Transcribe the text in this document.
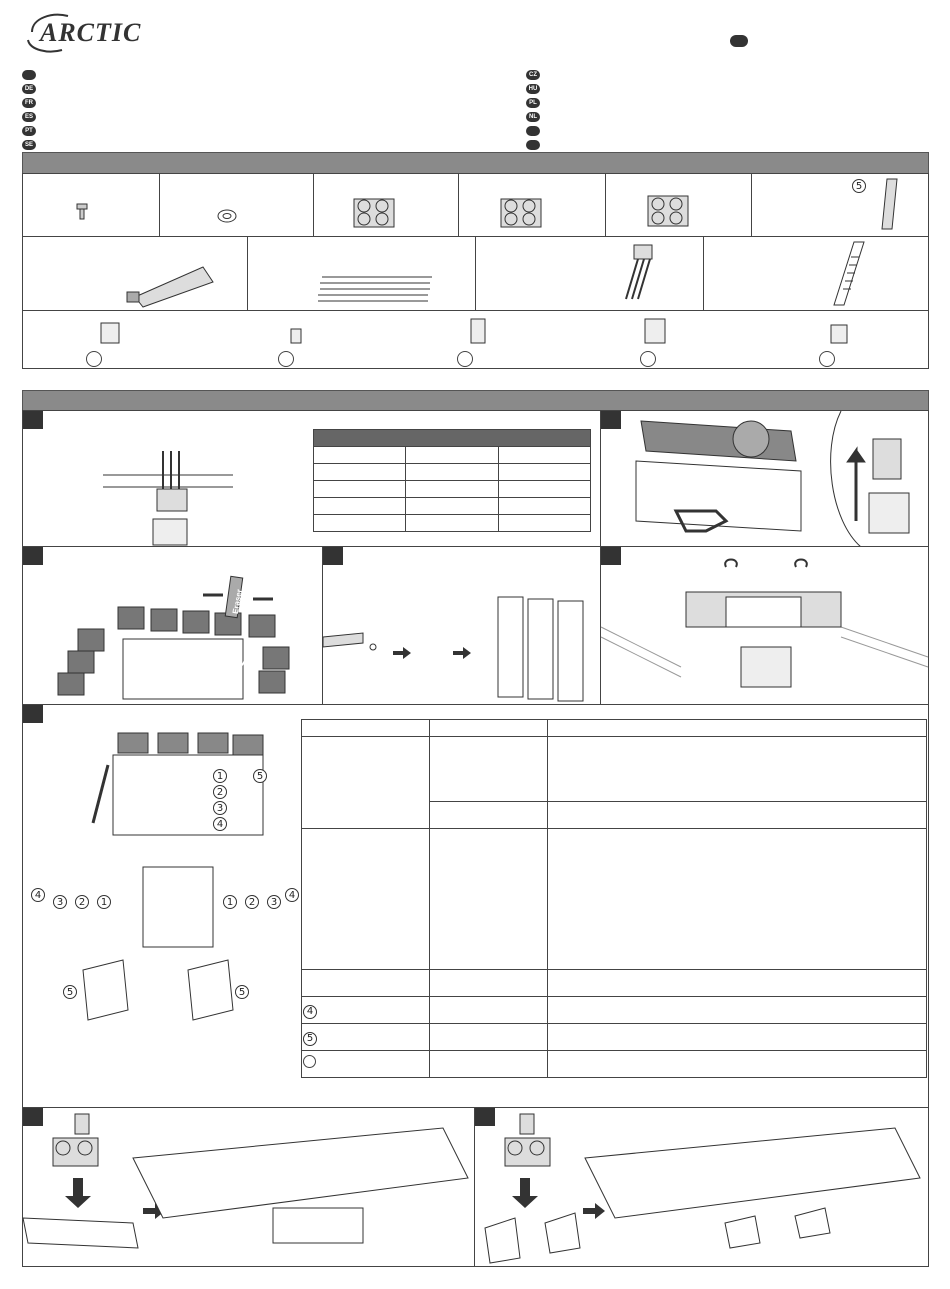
ARCTIC
DE
FR
ES
PT
SE
CZ
HU
PL
NL
5

Eraser
Eraser
1
2
3
4
5
4
3	2	1	1	2	3
4
5	5

4		
5		
